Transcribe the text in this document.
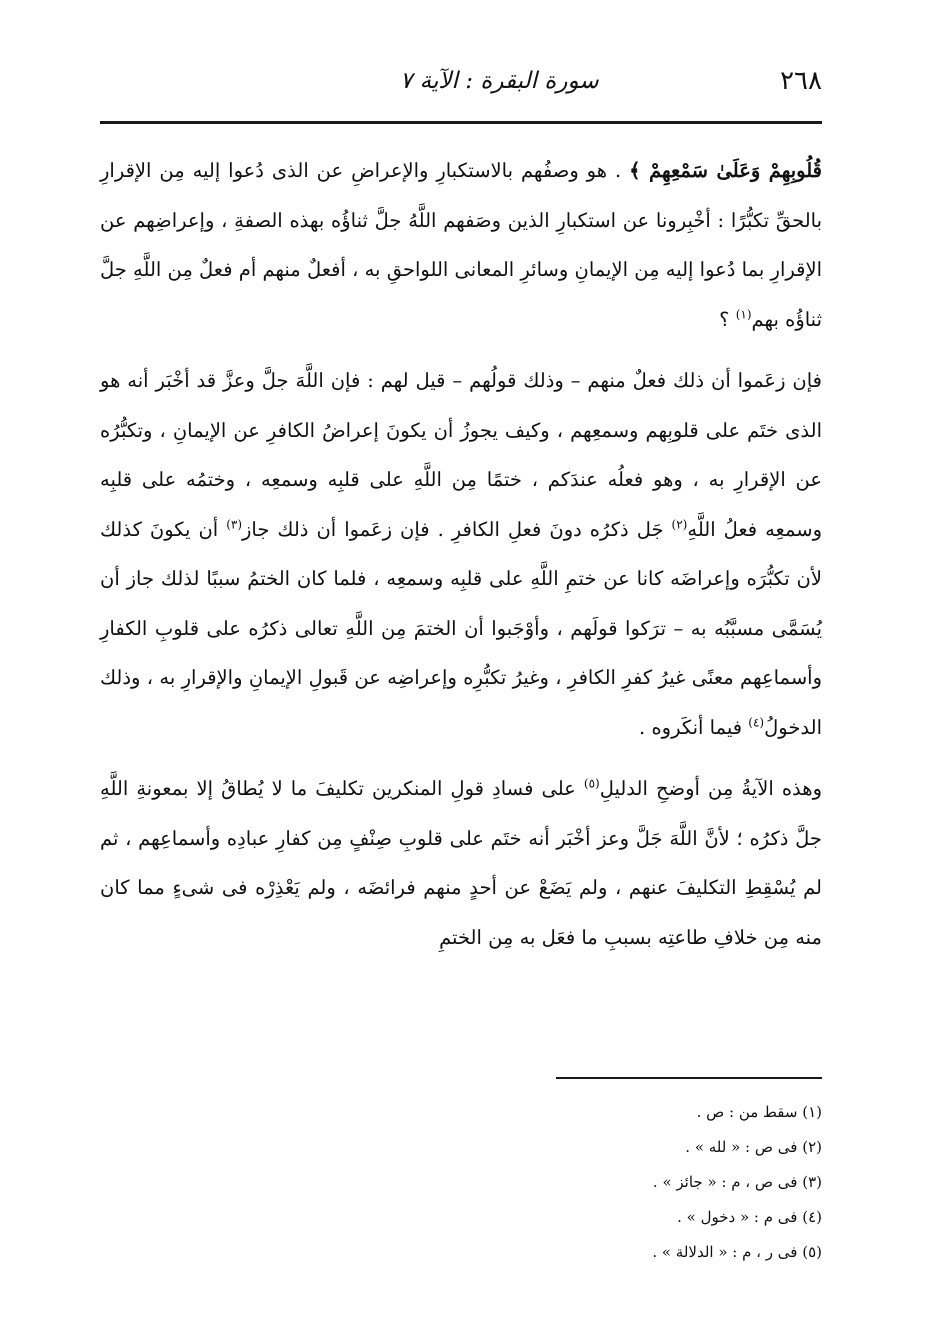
٢٦٨
سورة البقرة : الآية ٧

قُلُوبِهِمْ وَعَلَىٰ سَمْعِهِمْ ﴾ . هو وصفُهم بالاستكبارِ والإعراضِ عن الذى دُعوا إليه مِن الإقرارِ بالحقِّ تكبُّرًا : أخْبِرونا عن استكبارِ الذين وصَفهم اللَّهُ جلَّ ثناؤُه بهذه الصفةِ ، وإعراضِهم عن الإقرارِ بما دُعوا إليه مِن الإيمانِ وسائرِ المعانى اللواحقِ به ، أفعلٌ منهم أم فعلٌ مِن اللَّهِ جلَّ ثناؤُه بهم$^{(١)}$ ؟

فإن زعَموا أن ذلك فعلٌ منهم – وذلك قولُهم – قيل لهم : فإن اللَّهَ جلَّ وعزَّ قد أخْبَر أنه هو الذى ختَم على قلوبِهم وسمعِهم ، وكيف يجوزُ أن يكونَ إعراضُ الكافرِ عن الإيمانِ ، وتكبُّرُه عن الإقرارِ به ، وهو فعلُه عندَكم ، ختمًا مِن اللَّهِ على قلبِه وسمعِه ، وختمُه على قلبِه وسمعِه فعلُ اللَّهِ$^{(٢)}$ جَل ذكرُه دونَ فعلِ الكافرِ . فإن زعَموا أن ذلك جاز$^{(٣)}$ أن يكونَ كذلك لأن تكبُّرَه وإعراضَه كانا عن ختمِ اللَّهِ على قلبِه وسمعِه ، فلما كان الختمُ سببًا لذلك جاز أن يُسَمَّى مسبَّبُه به – ترَكوا قولَهم ، وأوْجَبوا أن الختمَ مِن اللَّهِ تعالى ذكرُه على قلوبِ الكفارِ وأسماعِهم معنًى غيرُ كفرِ الكافرِ ، وغيرُ تكبُّرِه وإعراضِه عن قَبولِ الإيمانِ والإقرارِ به ، وذلك الدخولُ$^{(٤)}$ فيما أنكَروه .

وهذه الآيةُ مِن أوضحِ الدليلِ$^{(٥)}$ على فسادِ قولِ المنكرين تكليفَ ما لا يُطاقُ إلا بمعونةِ اللَّهِ جلَّ ذكرُه ؛ لأنَّ اللَّهَ جَلَّ وعز أخْبَر أنه ختَم على قلوبِ صِنْفٍ مِن كفارِ عبادِه وأسماعِهم ، ثم لم يُسْقِطِ التكليفَ عنهم ، ولم يَضَعْ عن أحدٍ منهم فرائضَه ، ولم يَعْذِرْه فى شىءٍ مما كان منه مِن خلافِ طاعتِه بسببِ ما فعَل به مِن الختمِ

(١) سقط من : ص .
(٢) فى ص : « لله » .
(٣) فى ص ، م : « جائز » .
(٤) فى م : « دخول » .
(٥) فى ر ، م : « الدلالة » .
